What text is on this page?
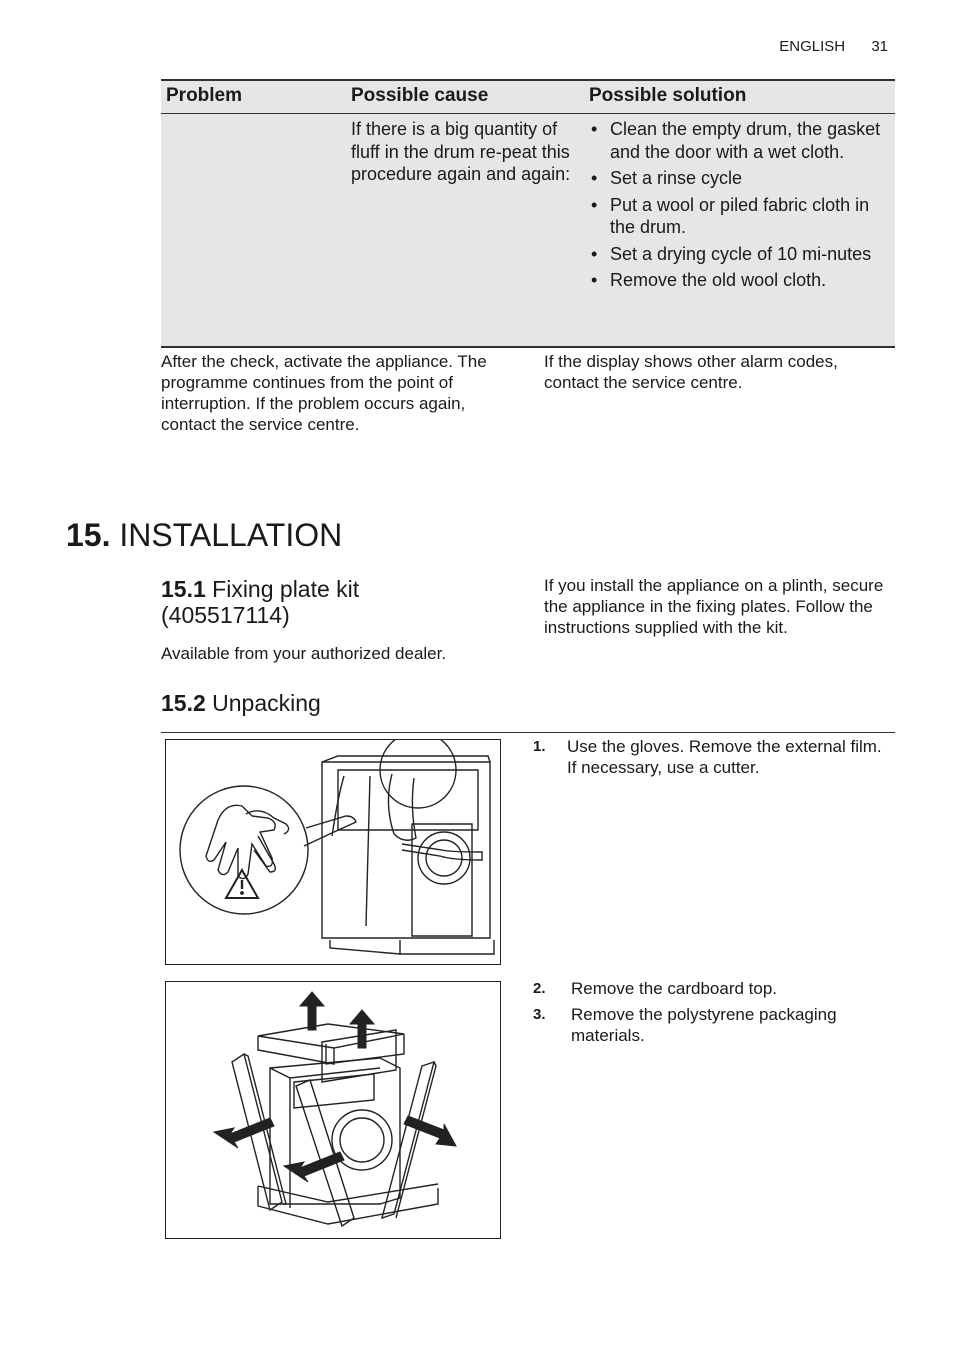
ENGLISH 31
Problem	Possible cause	Possible solution
If there is a big quantity of fluff in the drum re-peat this procedure again and again:
• Clean the empty drum, the gasket and the door with a wet cloth.
• Set a rinse cycle
• Put a wool or piled fabric cloth in the drum.
• Set a drying cycle of 10 mi-nutes
• Remove the old wool cloth.
After the check, activate the appliance. The programme continues from the point of interruption. If the problem occurs again, contact the service centre.
If the display shows other alarm codes, contact the service centre.
15. INSTALLATION
15.1 Fixing plate kit (405517114)
Available from your authorized dealer.
If you install the appliance on a plinth, secure the appliance in the fixing plates. Follow the instructions supplied with the kit.
15.2 Unpacking
1. Use the gloves. Remove the external film. If necessary, use a cutter.
2. Remove the cardboard top.
3. Remove the polystyrene packaging materials.
